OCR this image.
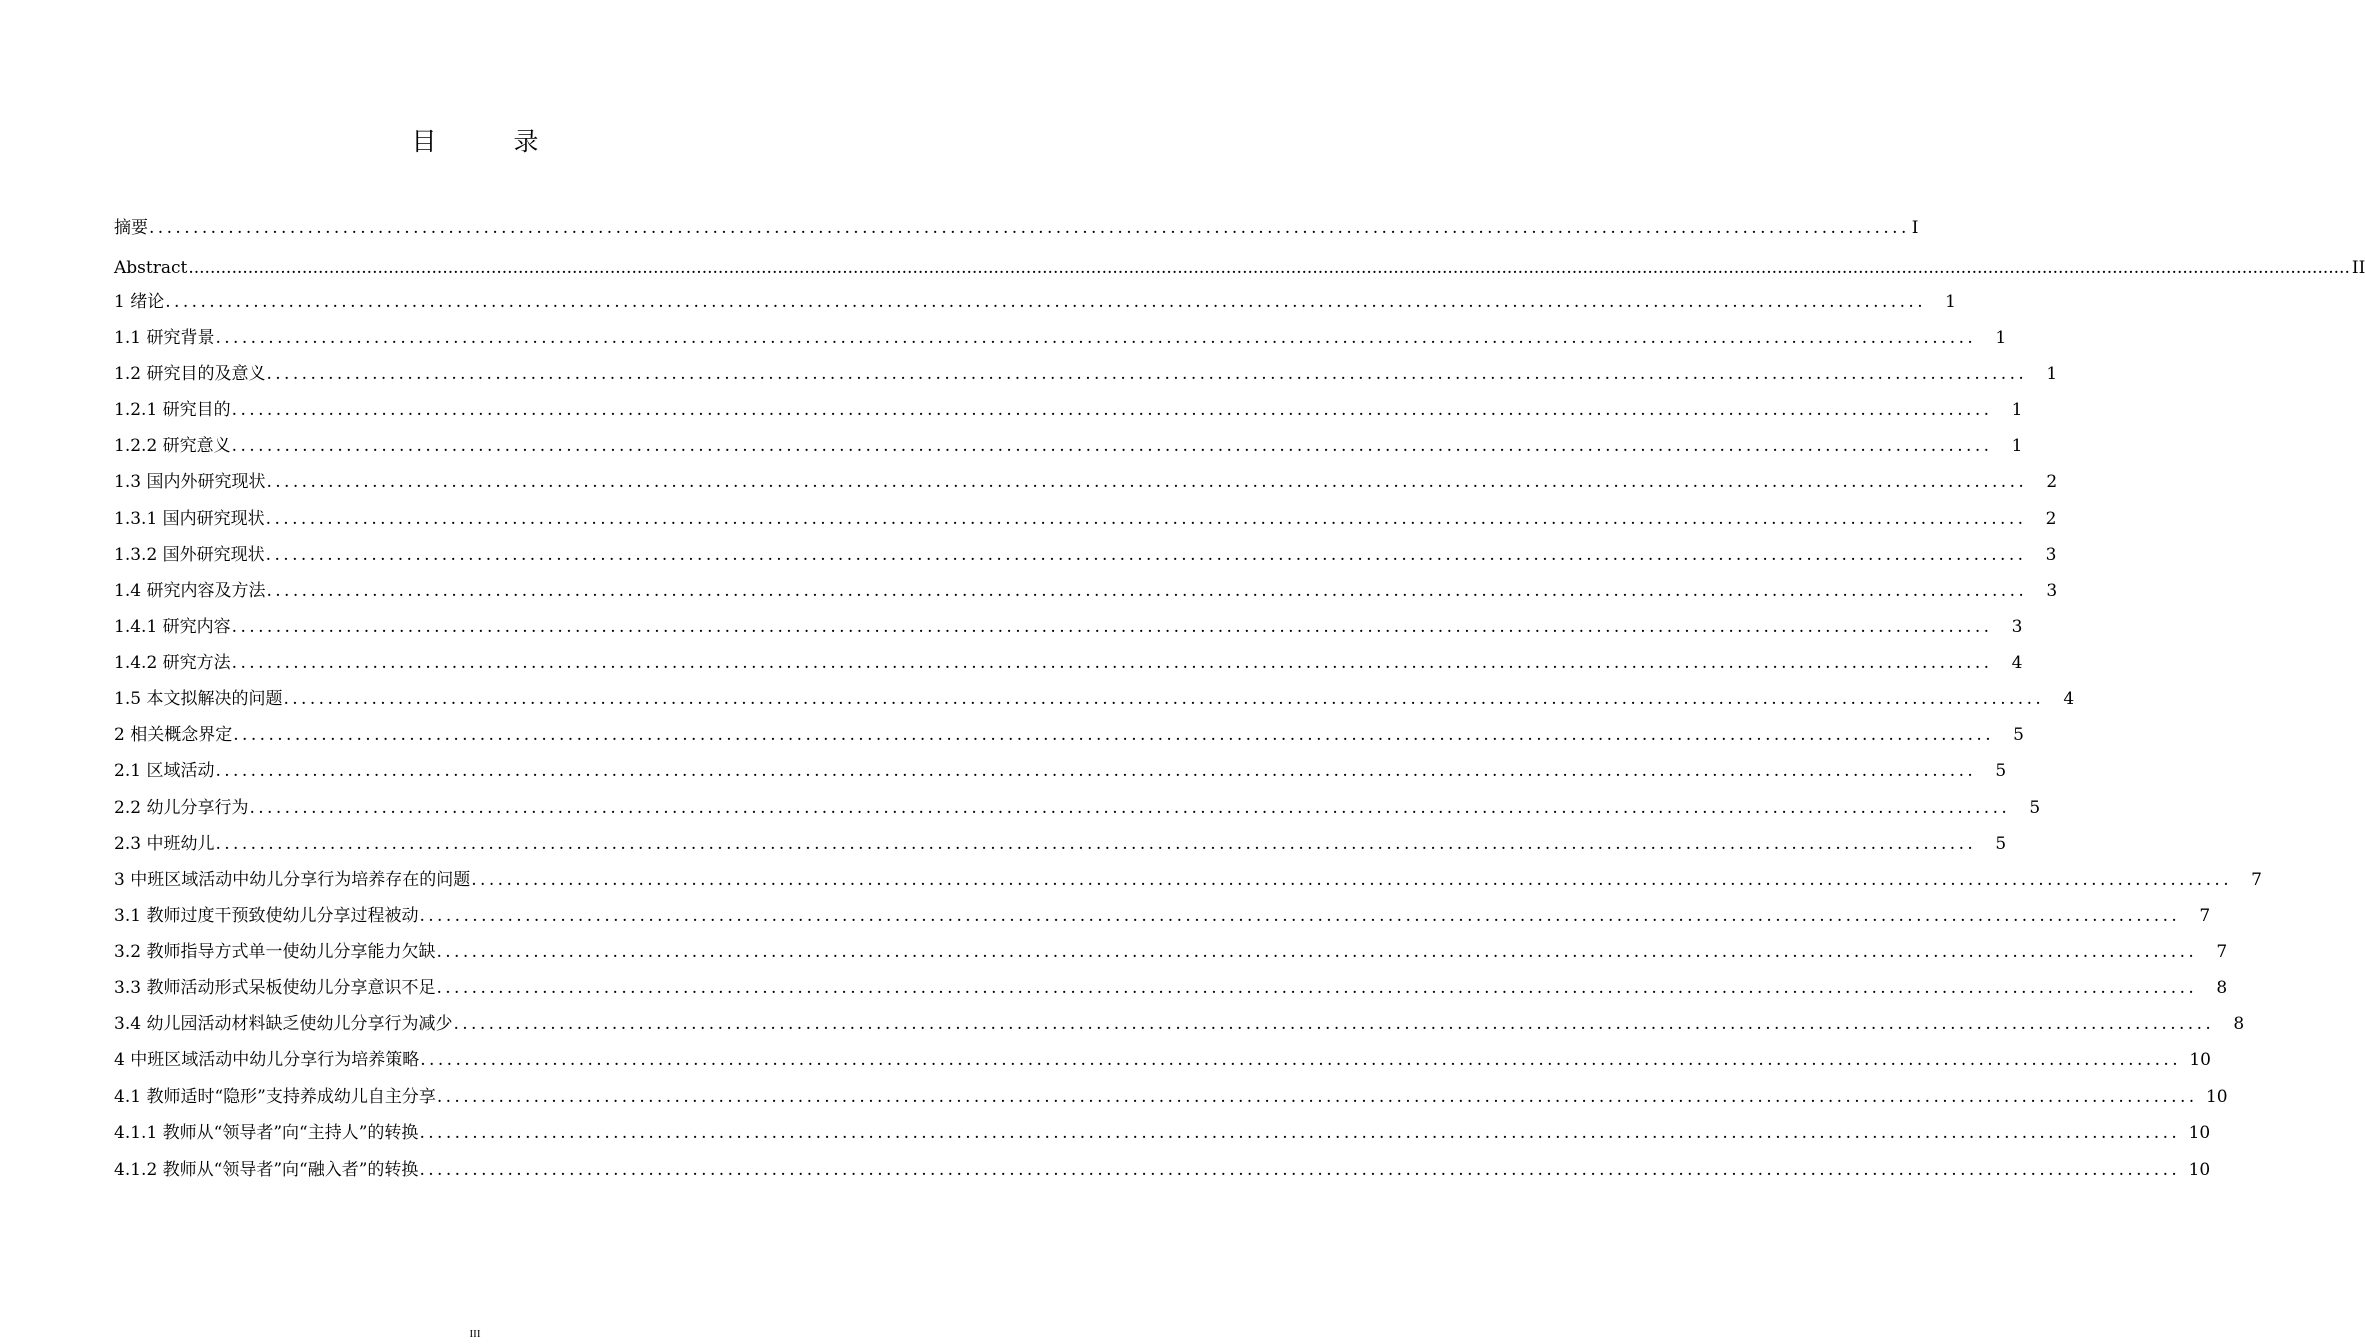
目　录
摘要 ........................................................................................................................................................................................................ I
Abstract ................................................................................................................................................................................................................................................................................................................................................................................................................ II
1 绪论 ........................................................................................................................................................................................................	1
1.1 研究背景 ........................................................................................................................................................................................................	1
1.2 研究目的及意义 ........................................................................................................................................................................................................	1
1.2.1 研究目的 ........................................................................................................................................................................................................	1
1.2.2 研究意义 ........................................................................................................................................................................................................	1
1.3 国内外研究现状 ........................................................................................................................................................................................................	2
1.3.1 国内研究现状 ........................................................................................................................................................................................................	2
1.3.2 国外研究现状 ........................................................................................................................................................................................................	3
1.4 研究内容及方法 ........................................................................................................................................................................................................	3
1.4.1 研究内容 ........................................................................................................................................................................................................	3
1.4.2 研究方法 ........................................................................................................................................................................................................	4
1.5 本文拟解决的问题 ........................................................................................................................................................................................................	4
2 相关概念界定 ........................................................................................................................................................................................................	5
2.1 区域活动 ........................................................................................................................................................................................................	5
2.2 幼儿分享行为 ........................................................................................................................................................................................................	5
2.3 中班幼儿 ........................................................................................................................................................................................................	5
3 中班区域活动中幼儿分享行为培养存在的问题 ........................................................................................................................................................................................................	7
3.1 教师过度干预致使幼儿分享过程被动 ........................................................................................................................................................................................................	7
3.2 教师指导方式单一使幼儿分享能力欠缺 ........................................................................................................................................................................................................	7
3.3 教师活动形式呆板使幼儿分享意识不足 ........................................................................................................................................................................................................	8
3.4 幼儿园活动材料缺乏使幼儿分享行为减少 ........................................................................................................................................................................................................	8
4 中班区域活动中幼儿分享行为培养策略 ........................................................................................................................................................................................................ 10
4.1 教师适时“隐形”支持养成幼儿自主分享 ........................................................................................................................................................................................................ 10
4.1.1 教师从“领导者”向“主持人”的转换 ........................................................................................................................................................................................................ 10
4.1.2 教师从“领导者”向“融入者”的转换 ........................................................................................................................................................................................................ 10
III
